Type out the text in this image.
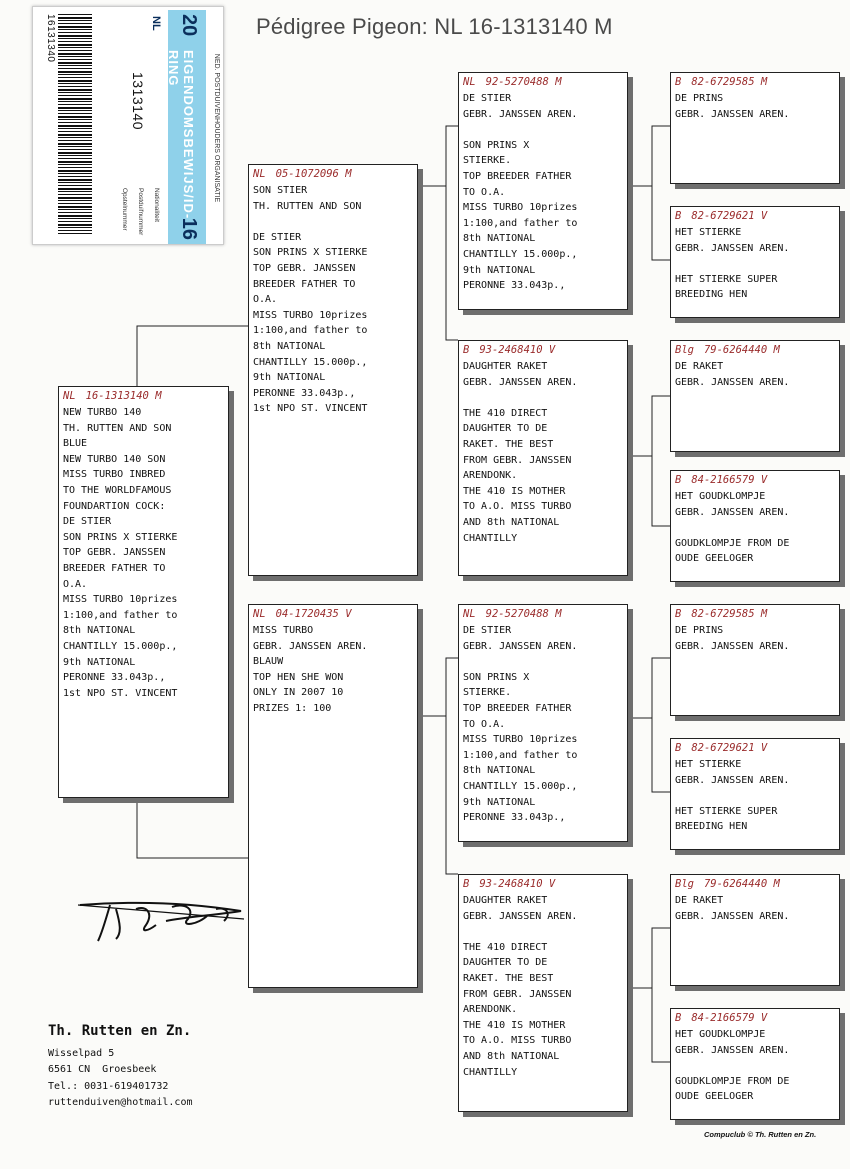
Pédigree Pigeon: NL 16-1313140 M
NED. POSTDUIVENHOUDERS ORGANISATIE
20
EIGENDOMSBEWIJS/ID-RING
16
NL
1313140
Nationaliteit
Postduifnummer
Opstelnummer
16131340
NL 16-1313140 M
NEW TURBO 140
TH. RUTTEN AND SON
BLUE
NEW TURBO 140 SON
MISS TURBO INBRED
TO THE WORLDFAMOUS
FOUNDARTION COCK:
DE STIER
SON PRINS X STIERKE
TOP GEBR. JANSSEN
BREEDER FATHER TO
O.A.
MISS TURBO 10prizes
1:100,and father to
8th NATIONAL
CHANTILLY 15.000p.,
9th NATIONAL
PERONNE 33.043p.,
1st NPO ST. VINCENT
NL 05-1072096 M
SON STIER
TH. RUTTEN AND SON
DE STIER
SON PRINS X STIERKE
TOP GEBR. JANSSEN
BREEDER FATHER TO
O.A.
MISS TURBO 10prizes
1:100,and father to
8th NATIONAL
CHANTILLY 15.000p.,
9th NATIONAL
PERONNE 33.043p.,
1st NPO ST. VINCENT
NL 04-1720435 V
MISS TURBO
GEBR. JANSSEN AREN.
BLAUW
TOP HEN SHE WON
ONLY IN 2007 10
PRIZES 1: 100
NL 92-5270488 M
DE STIER
GEBR. JANSSEN AREN.
SON PRINS X
STIERKE.
TOP BREEDER FATHER
TO O.A.
MISS TURBO 10prizes
1:100,and father to
8th NATIONAL
CHANTILLY 15.000p.,
9th NATIONAL
PERONNE 33.043p.,
B 93-2468410 V
DAUGHTER RAKET
GEBR. JANSSEN AREN.
THE 410 DIRECT
DAUGHTER TO DE
RAKET. THE BEST
FROM GEBR. JANSSEN
ARENDONK.
THE 410 IS MOTHER
TO A.O. MISS TURBO
AND 8th NATIONAL
CHANTILLY
NL 92-5270488 M
DE STIER
GEBR. JANSSEN AREN.
SON PRINS X
STIERKE.
TOP BREEDER FATHER
TO O.A.
MISS TURBO 10prizes
1:100,and father to
8th NATIONAL
CHANTILLY 15.000p.,
9th NATIONAL
PERONNE 33.043p.,
B 93-2468410 V
DAUGHTER RAKET
GEBR. JANSSEN AREN.
THE 410 DIRECT
DAUGHTER TO DE
RAKET. THE BEST
FROM GEBR. JANSSEN
ARENDONK.
THE 410 IS MOTHER
TO A.O. MISS TURBO
AND 8th NATIONAL
CHANTILLY
B 82-6729585 M
DE PRINS
GEBR. JANSSEN AREN.
B 82-6729621 V
HET STIERKE
GEBR. JANSSEN AREN.
HET STIERKE SUPER
BREEDING HEN
Blg 79-6264440 M
DE RAKET
GEBR. JANSSEN AREN.
B 84-2166579 V
HET GOUDKLOMPJE
GEBR. JANSSEN AREN.
GOUDKLOMPJE FROM DE
OUDE GEELOGER
B 82-6729585 M
DE PRINS
GEBR. JANSSEN AREN.
B 82-6729621 V
HET STIERKE
GEBR. JANSSEN AREN.
HET STIERKE SUPER
BREEDING HEN
Blg 79-6264440 M
DE RAKET
GEBR. JANSSEN AREN.
B 84-2166579 V
HET GOUDKLOMPJE
GEBR. JANSSEN AREN.
GOUDKLOMPJE FROM DE
OUDE GEELOGER
Th. Rutten en Zn.
Wisselpad 5
6561 CN  Groesbeek
Tel.: 0031-619401732
ruttenduiven@hotmail.com
Compuclub © Th. Rutten en Zn.
